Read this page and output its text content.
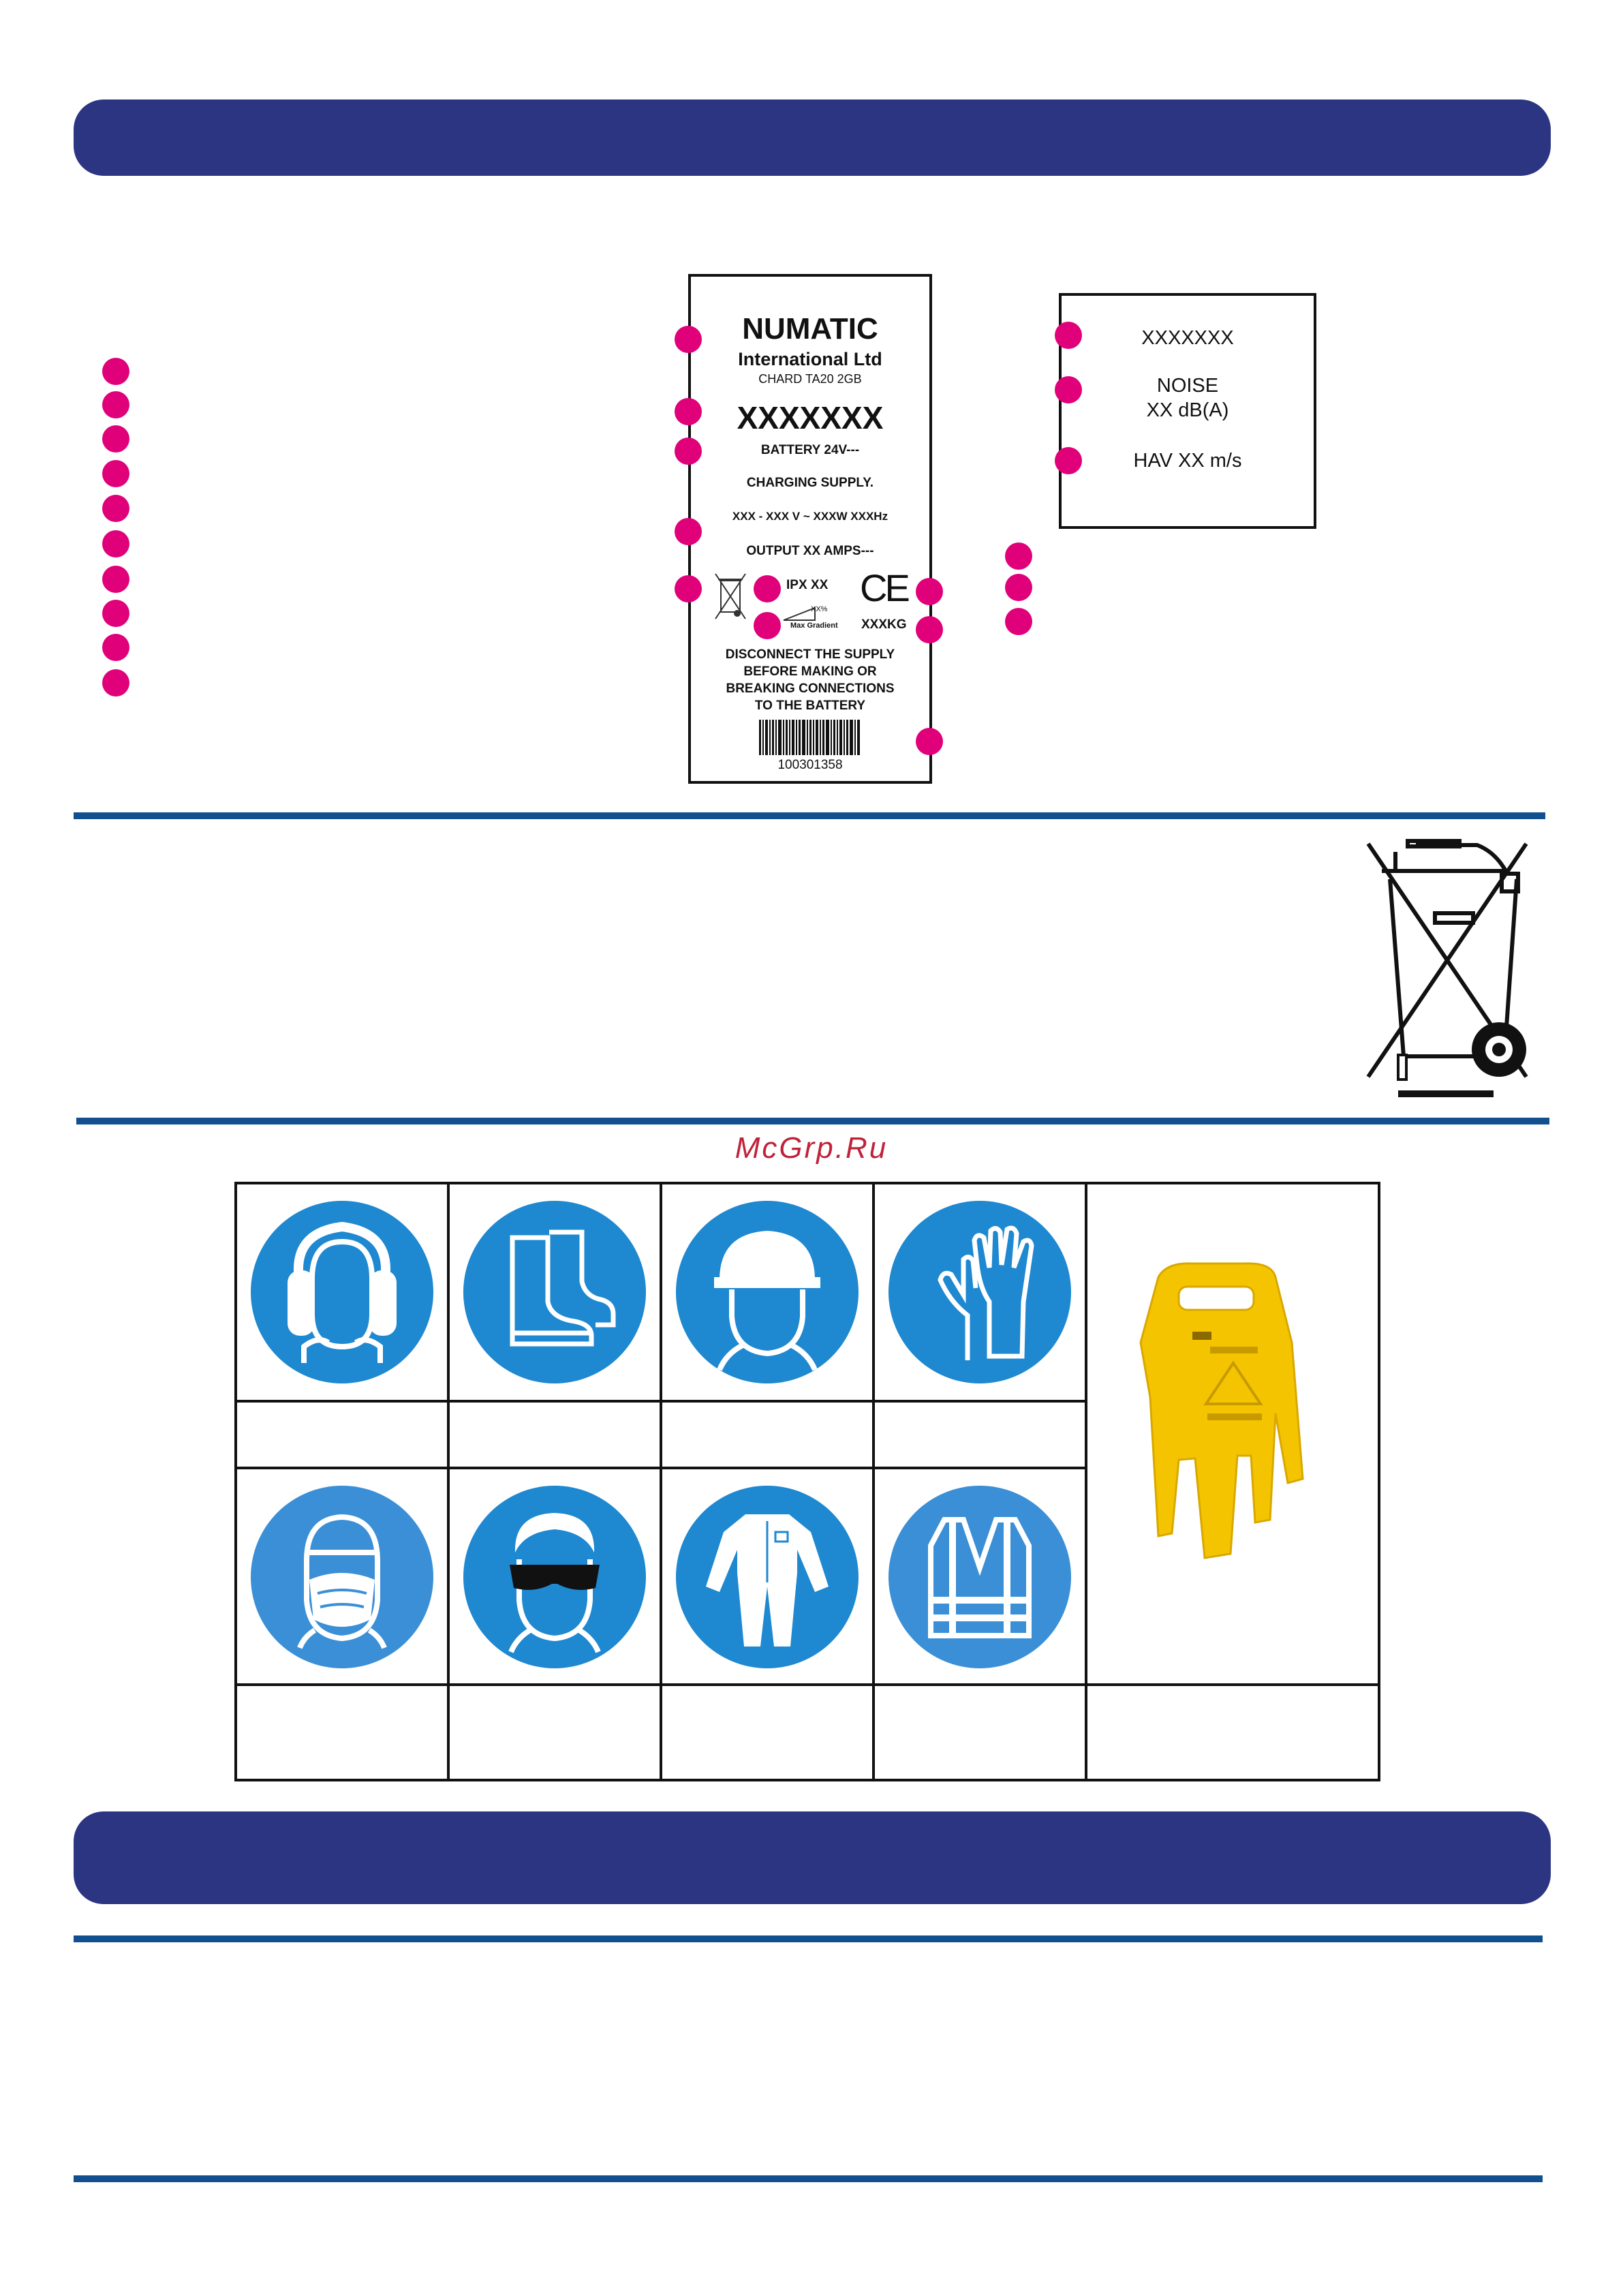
NUMATIC
International Ltd
CHARD TA20 2GB
XXXXXXX
BATTERY 24V---
CHARGING SUPPLY.
XXX - XXX V ~ XXXW XXXHz
OUTPUT XX AMPS---
IPX XX CE
XX%
Max Gradient XXXKG
DISCONNECT THE SUPPLY
BEFORE MAKING OR
BREAKING CONNECTIONS
TO THE BATTERY
100301358
XXXXXXX
NOISE
XX dB(A)
HAV XX m/s
McGrp.Ru
